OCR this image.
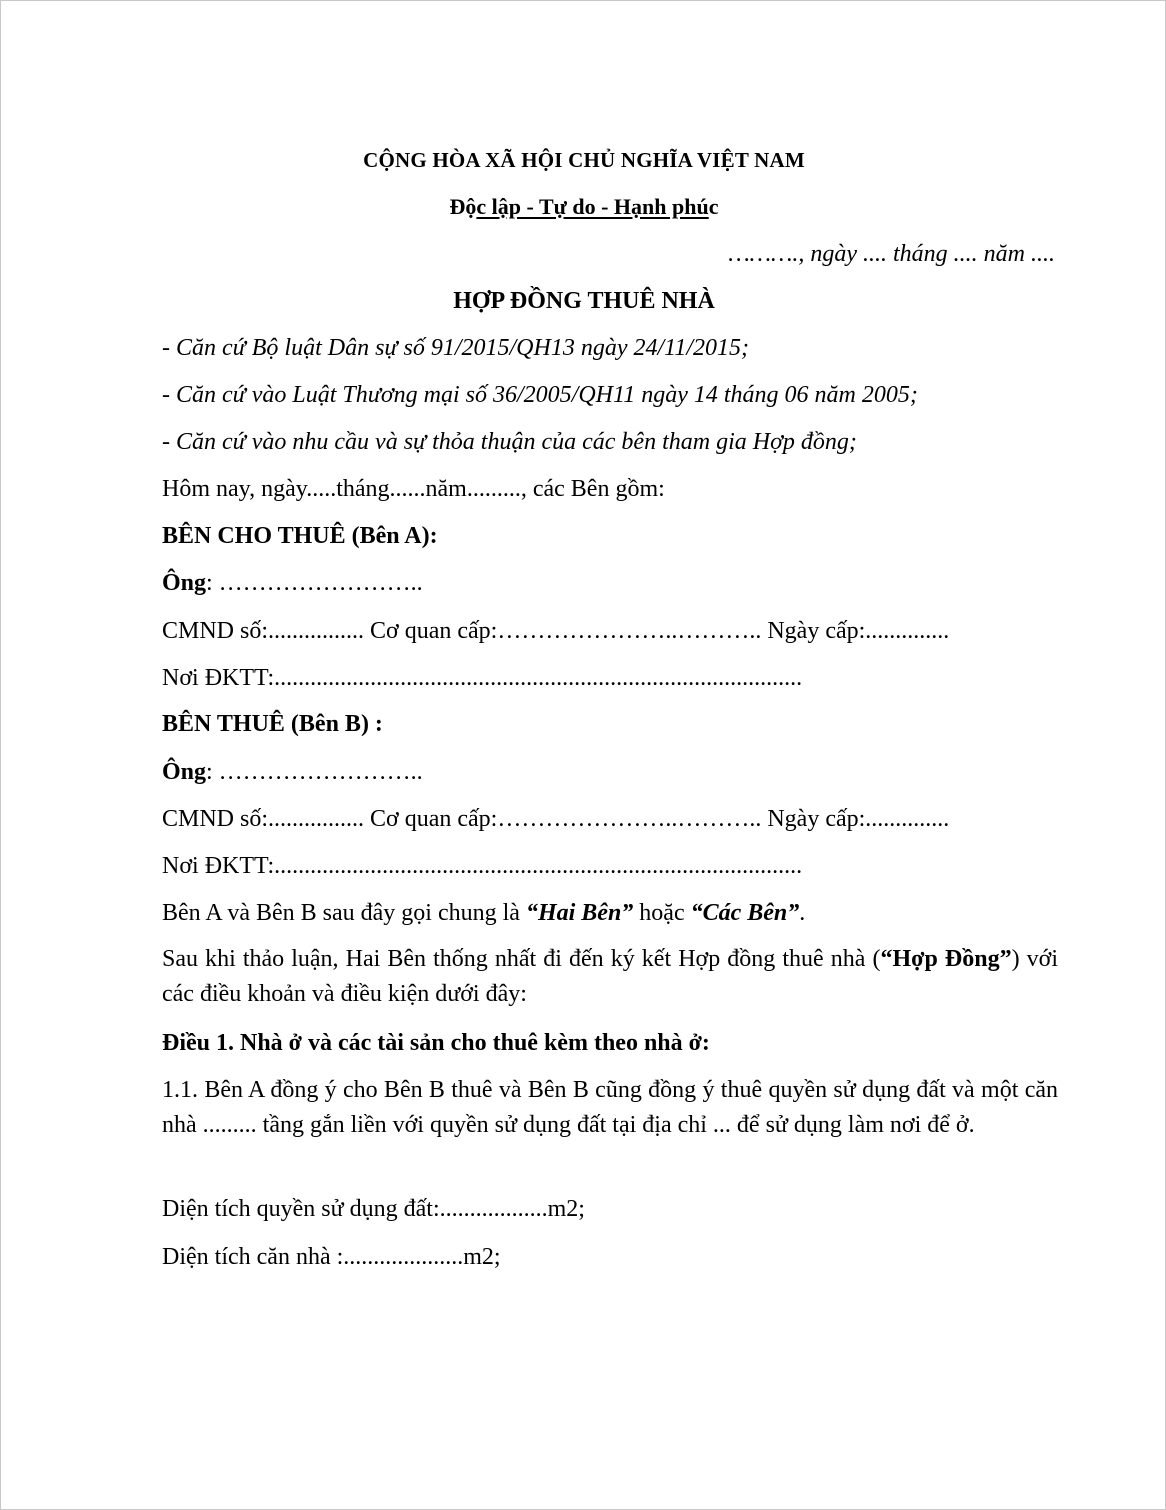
CỘNG HÒA XÃ HỘI CHỦ NGHĨA VIỆT NAM
Độc lập - Tự do - Hạnh phúc
………., ngày .... tháng .... năm ....
HỢP ĐỒNG THUÊ NHÀ
- Căn cứ Bộ luật Dân sự số 91/2015/QH13 ngày 24/11/2015;
- Căn cứ vào Luật Thương mại số 36/2005/QH11 ngày 14 tháng 06 năm 2005;
- Căn cứ vào nhu cầu và sự thỏa thuận của các bên tham gia Hợp đồng;
Hôm nay, ngày.....tháng......năm........., các Bên gồm:
BÊN CHO THUÊ (Bên A):
Ông: ……………………..
CMND số:................ Cơ quan cấp:…………………..……….. Ngày cấp:..............
Nơi ĐKTT:........................................................................................
BÊN THUÊ (Bên B) :
Ông: ……………………..
CMND số:................ Cơ quan cấp:…………………..……….. Ngày cấp:..............
Nơi ĐKTT:........................................................................................
Bên A và Bên B sau đây gọi chung là “Hai Bên” hoặc “Các Bên”.
Sau khi thảo luận, Hai Bên thống nhất đi đến ký kết Hợp đồng thuê nhà (“Hợp Đồng”) với các điều khoản và điều kiện dưới đây:
Điều 1. Nhà ở và các tài sản cho thuê kèm theo nhà ở:
1.1. Bên A đồng ý cho Bên B thuê và Bên B cũng đồng ý thuê quyền sử dụng đất và một căn nhà ......... tầng gắn liền với quyền sử dụng đất tại địa chỉ ... để sử dụng làm nơi để ở.
Diện tích quyền sử dụng đất:..................m2;
Diện tích căn nhà :....................m2;
